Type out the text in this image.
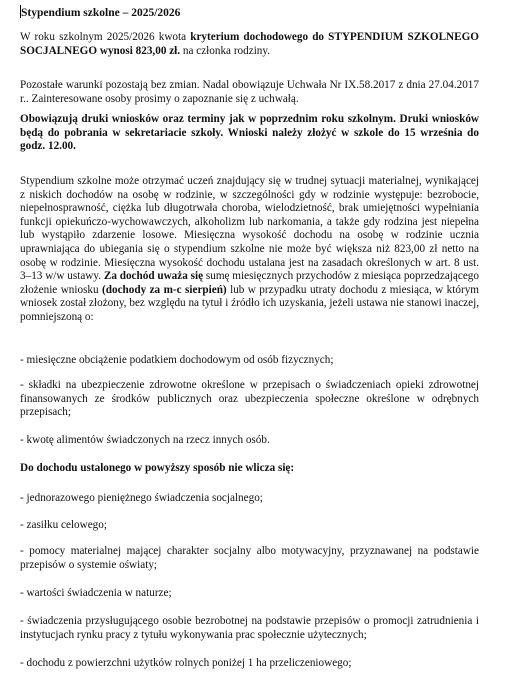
Stypendium szkolne – 2025/2026

W roku szkolnym 2025/2026 kwota kryterium dochodowego do STYPENDIUM SZKOLNEGO SOCJALNEGO wynosi 823,00 zł. na członka rodziny.

Pozostałe warunki pozostają bez zmian. Nadal obowiązuje Uchwała Nr IX.58.2017 z dnia 27.04.2017 r.. Zainteresowane osoby prosimy o zapoznanie się z uchwałą.

Obowiązują druki wniosków oraz terminy jak w poprzednim roku szkolnym. Druki wniosków będą do pobrania w sekretariacie szkoły. Wnioski należy złożyć w szkole do 15 września do godz. 12.00.

Stypendium szkolne może otrzymać uczeń znajdujący się w trudnej sytuacji materialnej, wynikającej z niskich dochodów na osobę w rodzinie, w szczególności gdy w rodzinie występuje: bezrobocie, niepełnosprawność, ciężka lub długotrwała choroba, wielodzietność, brak umiejętności wypełniania funkcji opiekuńczo-wychowawczych, alkoholizm lub narkomania, a także gdy rodzina jest niepełna lub wystąpiło zdarzenie losowe. Miesięczna wysokość dochodu na osobę w rodzinie ucznia uprawniająca do ubiegania się o stypendium szkolne nie może być większa niż 823,00 zł netto na osobę w rodzinie. Miesięczna wysokość dochodu ustalana jest na zasadach określonych w art. 8 ust. 3–13 w/w ustawy. Za dochód uważa się sumę miesięcznych przychodów z miesiąca poprzedzającego złożenie wniosku (dochody za m-c sierpień) lub w przypadku utraty dochodu z miesiąca, w którym wniosek został złożony, bez względu na tytuł i źródło ich uzyskania, jeżeli ustawa nie stanowi inaczej, pomniejszoną o:

- miesięczne obciążenie podatkiem dochodowym od osób fizycznych;

- składki na ubezpieczenie zdrowotne określone w przepisach o świadczeniach opieki zdrowotnej finansowanych ze środków publicznych oraz ubezpieczenia społeczne określone w odrębnych przepisach;

- kwotę alimentów świadczonych na rzecz innych osób.

Do dochodu ustalonego w powyższy sposób nie wlicza się:

- jednorazowego pieniężnego świadczenia socjalnego;

- zasiłku celowego;

- pomocy materialnej mającej charakter socjalny albo motywacyjny, przyznawanej na podstawie przepisów o systemie oświaty;

- wartości świadczenia w naturze;

- świadczenia przysługującego osobie bezrobotnej na podstawie przepisów o promocji zatrudnienia i instytucjach rynku pracy z tytułu wykonywania prac społecznie użytecznych;

- dochodu z powierzchni użytków rolnych poniżej 1 ha przeliczeniowego;
